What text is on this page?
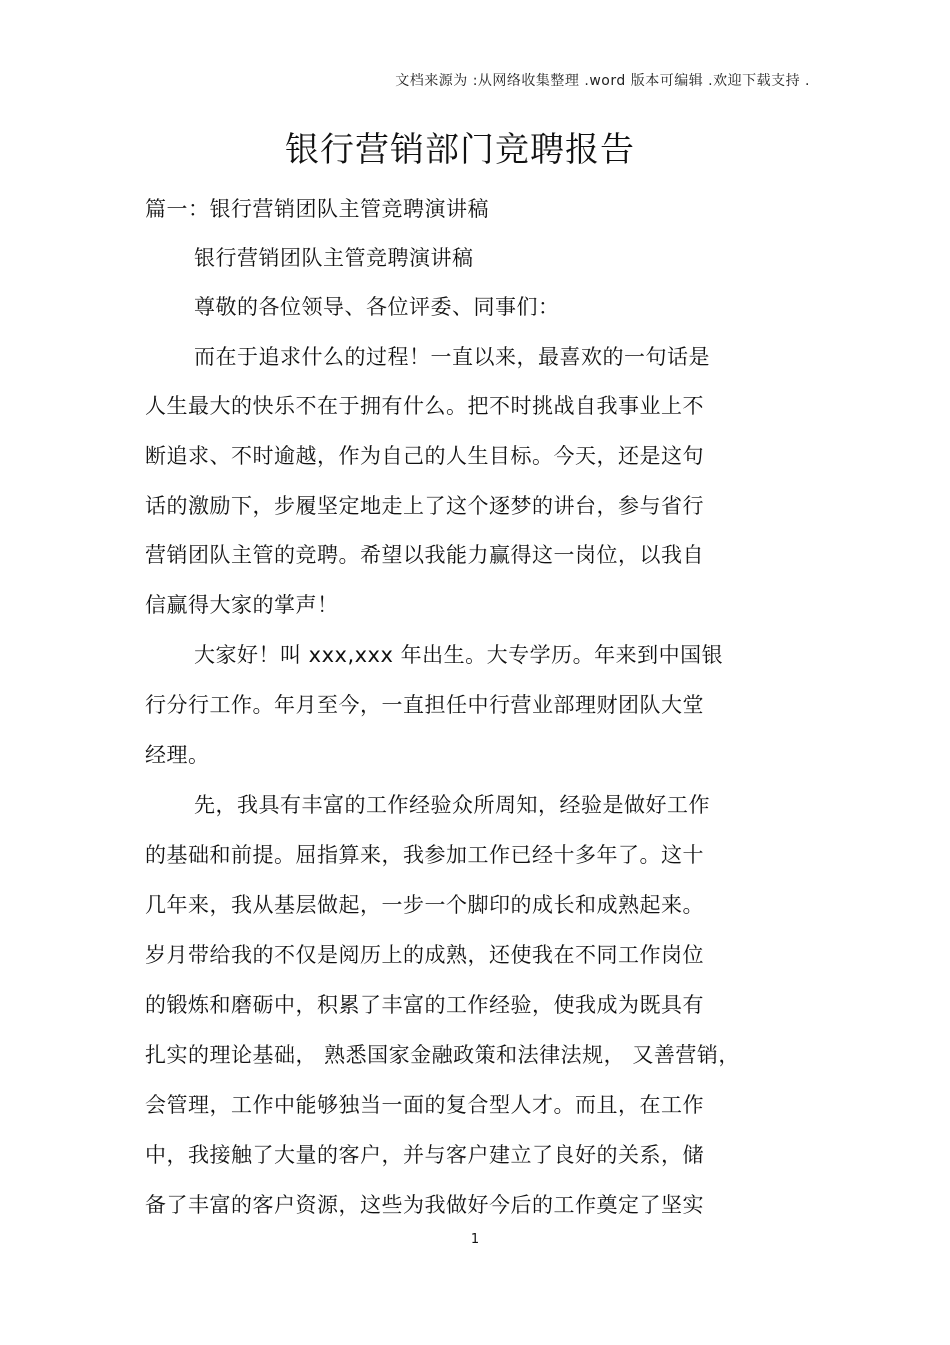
文档来源为 :从网络收集整理 .word 版本可编辑 .欢迎下载支持 .
银行营销部门竞聘报告
篇一：银行营销团队主管竞聘演讲稿
银行营销团队主管竞聘演讲稿
尊敬的各位领导、各位评委、同事们：
而在于追求什么的过程！一直以来，最喜欢的一句话是
人生最大的快乐不在于拥有什么。把不时挑战自我事业上不
断追求、不时逾越，作为自己的人生目标。今天，还是这句
话的激励下，步履坚定地走上了这个逐梦的讲台，参与省行
营销团队主管的竞聘。希望以我能力赢得这一岗位，以我自
信赢得大家的掌声！
大家好！叫 xxx,xxx 年出生。大专学历。年来到中国银
行分行工作。年月至今，一直担任中行营业部理财团队大堂
经理。
先，我具有丰富的工作经验众所周知，经验是做好工作
的基础和前提。屈指算来，我参加工作已经十多年了。这十
几年来，我从基层做起，一步一个脚印的成长和成熟起来。
岁月带给我的不仅是阅历上的成熟，还使我在不同工作岗位
的锻炼和磨砺中，积累了丰富的工作经验，使我成为既具有
扎实的理论基础， 熟悉国家金融政策和法律法规， 又善营销，
会管理，工作中能够独当一面的复合型人才。而且，在工作
中，我接触了大量的客户，并与客户建立了良好的关系，储
备了丰富的客户资源，这些为我做好今后的工作奠定了坚实
1
